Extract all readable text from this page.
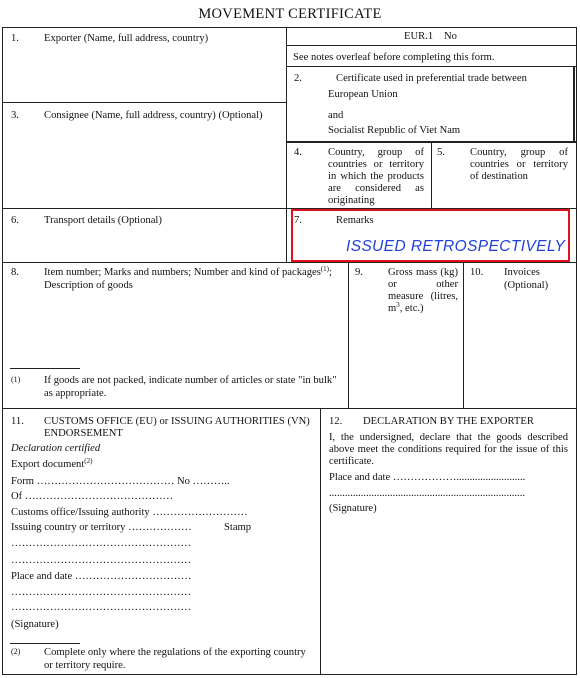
MOVEMENT CERTIFICATE
EUR.1 No
See notes overleaf before completing this form.
1. Exporter (Name, full address, country)
2.	Certificate used in preferential trade between
European Union
and
Socialist Republic of Viet Nam
3. Consignee (Name, full address, country) (Optional)
4. Country, group of countries or territory in which the products are considered as originating
5. Country, group of countries or territory of destination
6. Transport details (Optional)	7.	Remarks
ISSUED RETROSPECTIVELY
8. Item number; Marks and numbers; Number and kind of packages$^{(1)}$;
Description of goods
(1) If goods are not packed, indicate number of articles or state "in bulk"
as appropriate.
9. Gross mass (kg) or other measure (litres, $m^3$, etc.)
10. Invoices
(Optional)
11. CUSTOMS OFFICE (EU) or ISSUING AUTHORITIES (VN)
ENDORSEMENT
Declaration certified
Export document$^{(2)}$
Form ………………………………… No ………..
Of ……………………………………
Customs office/Issuing authority ………………………
Issuing country or territory ………………	Stamp
……………………………………………
……………………………………………
Place and date ……………………………
……………………………………………
……………………………………………
(Signature)
(2) Complete only where the regulations of the exporting country
or territory require.
12. DECLARATION BY THE EXPORTER
I, the undersigned, declare that the goods described above meet the conditions required for the issue of this certificate.
Place and date ………………..........................
..........................................................................
(Signature)
